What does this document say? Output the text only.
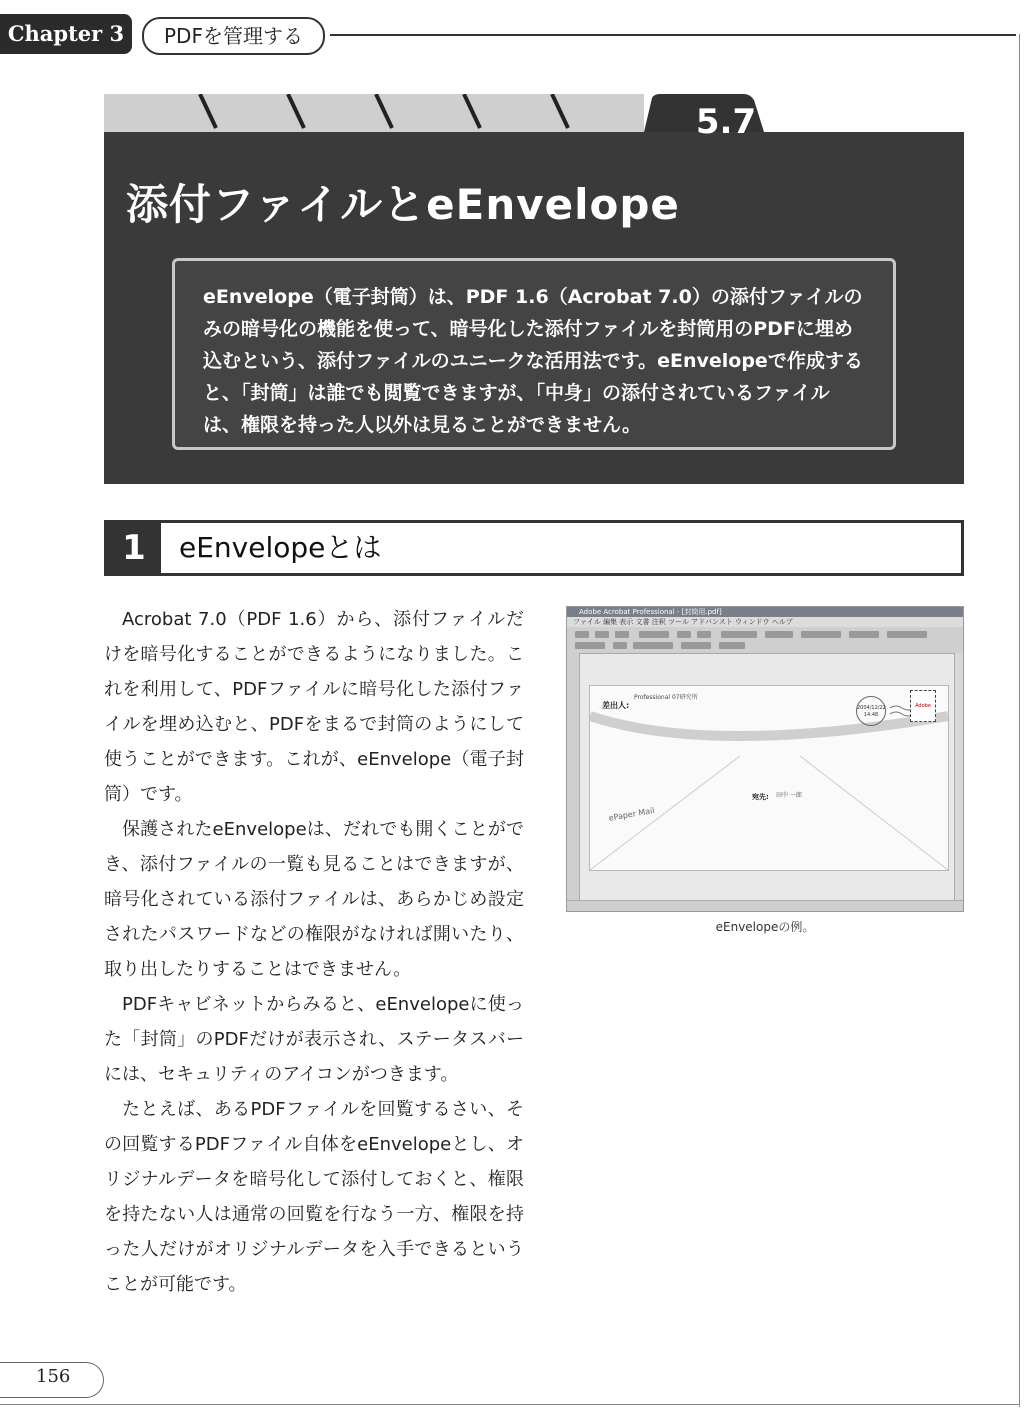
Chapter 3	PDFを管理する
5.7
添付ファイルとeEnvelope

eEnvelope（電子封筒）は、PDF 1.6（Acrobat 7.0）の添付ファイルのみの暗号化の機能を使って、暗号化した添付ファイルを封筒用のPDFに埋め込むという、添付ファイルのユニークな活用法です。eEnvelopeで作成すると、「封筒」は誰でも閲覧できますが、「中身」の添付されているファイルは、権限を持った人以外は見ることができません。

1	eEnvelopeとは

Acrobat 7.0（PDF 1.6）から、添付ファイルだけを暗号化することができるようになりました。これを利用して、PDFファイルに暗号化した添付ファイルを埋め込むと、PDFをまるで封筒のようにして使うことができます。これが、eEnvelope（電子封筒）です。

保護されたeEnvelopeは、だれでも開くことができ、添付ファイルの一覧も見ることはできますが、暗号化されている添付ファイルは、あらかじめ設定されたパスワードなどの権限がなければ開いたり、取り出したりすることはできません。

PDFキャビネットからみると、eEnvelopeに使った「封筒」のPDFだけが表示され、ステータスバーには、セキュリティのアイコンがつきます。

たとえば、あるPDFファイルを回覧するさい、その回覧するPDFファイル自体をeEnvelopeとし、オリジナルデータを暗号化して添付しておくと、権限を持たない人は通常の回覧を行なう一方、権限を持った人だけがオリジナルデータを入手できるということが可能です。

Adobe Acrobat Professional - [封筒用.pdf]
ファイル 編集 表示 文書 注釈 ツール アドバンスト ウィンドウ ヘルプ
差出人:
Professional 07研究所
2004/12/22 14:48
Adobe
宛先: 田中 一郎
ePaper Mail
eEnvelopeの例。
156
